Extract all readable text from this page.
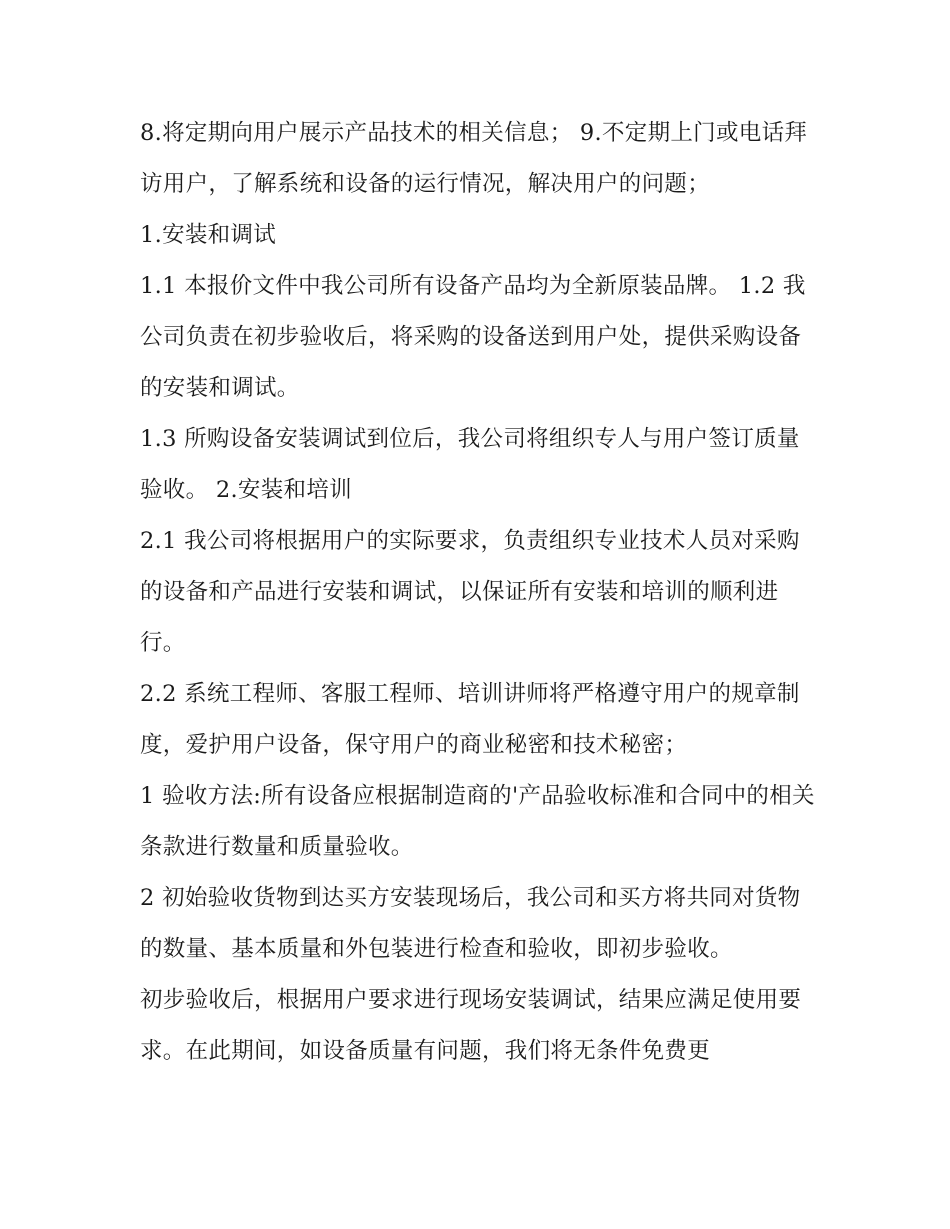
8.将定期向用户展示产品技术的相关信息； 9.不定期上门或电话拜访用户，了解系统和设备的运行情况，解决用户的问题；

1.安装和调试

1.1 本报价文件中我公司所有设备产品均为全新原装品牌。 1.2 我公司负责在初步验收后，将采购的设备送到用户处，提供采购设备的安装和调试。

1.3 所购设备安装调试到位后，我公司将组织专人与用户签订质量验收。 2.安装和培训

2.1 我公司将根据用户的实际要求，负责组织专业技术人员对采购的设备和产品进行安装和调试，以保证所有安装和培训的顺利进行。

2.2 系统工程师、客服工程师、培训讲师将严格遵守用户的规章制度，爱护用户设备，保守用户的商业秘密和技术秘密；

1 验收方法:所有设备应根据制造商的'产品验收标准和合同中的相关条款进行数量和质量验收。

2 初始验收货物到达买方安装现场后，我公司和买方将共同对货物的数量、基本质量和外包装进行检查和验收，即初步验收。

初步验收后，根据用户要求进行现场安装调试，结果应满足使用要求。在此期间，如设备质量有问题，我们将无条件免费更
